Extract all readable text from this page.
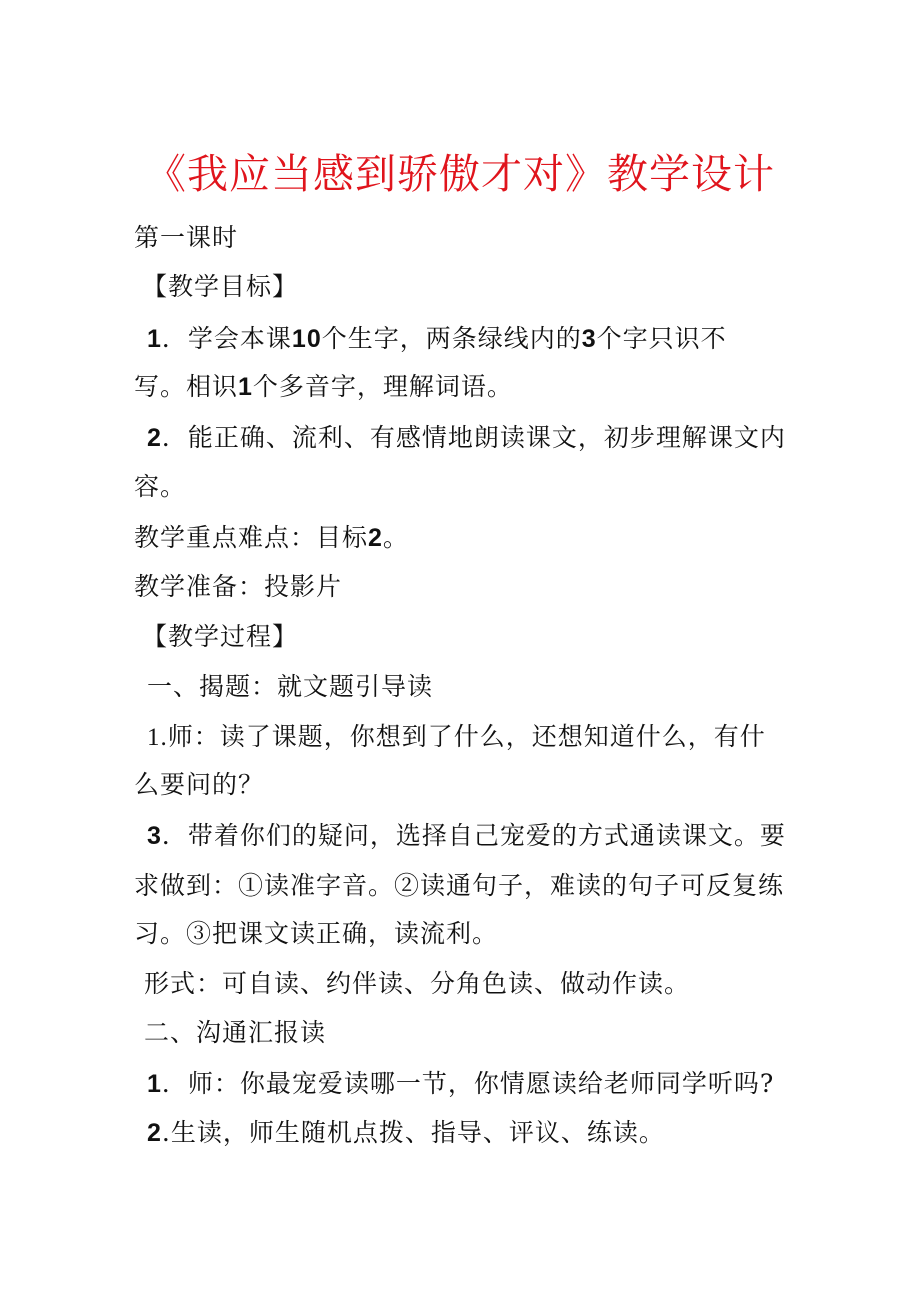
《我应当感到骄傲才对》教学设计
第一课时
【教学目标】
1．学会本课10个生字，两条绿线内的3个字只识不
写。相识1个多音字，理解词语。
2．能正确、流利、有感情地朗读课文，初步理解课文内
容。
教学重点难点：目标2。
教学准备：投影片
【教学过程】
一、揭题：就文题引导读
1.师：读了课题，你想到了什么，还想知道什么，有什
么要问的？
3．带着你们的疑问，选择自己宠爱的方式通读课文。要
求做到：①读准字音。②读通句子，难读的句子可反复练
习。③把课文读正确，读流利。
形式：可自读、约伴读、分角色读、做动作读。
二、沟通汇报读
1．师：你最宠爱读哪一节，你情愿读给老师同学听吗?
2.生读，师生随机点拨、指导、评议、练读。
